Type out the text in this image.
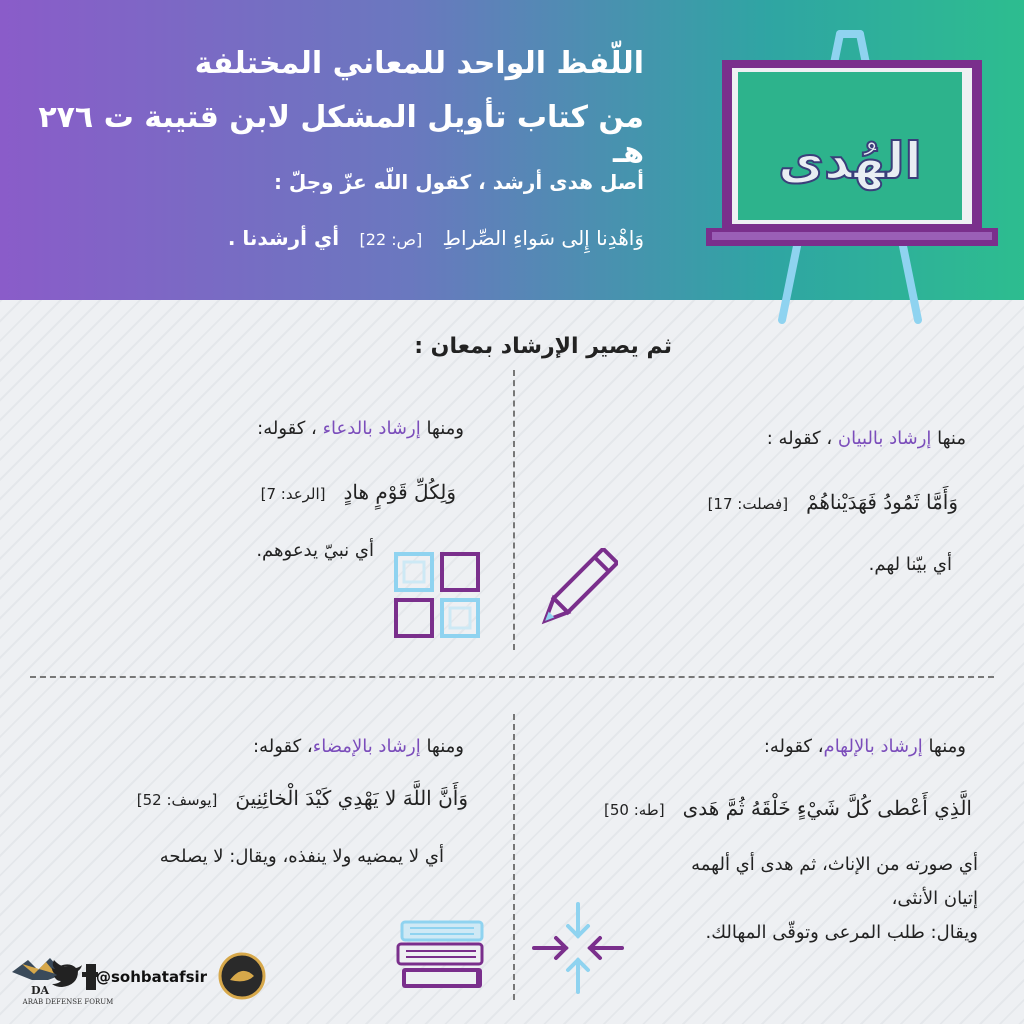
اللّفظ الواحد للمعاني المختلفة
من كتاب تأويل المشكل لابن قتيبة ت ٢٧٦ هـ
أصل هدى أرشد ، كقول اللّه عزّ وجلّ :
وَاهْدِنا إِلى سَواءِ الصِّراطِ [ص: 22] أي أرشدنا .
الهُدى
ثم يصير الإرشاد بمعان :
منها إرشاد بالبيان ، كقوله :
وَأَمَّا ثَمُودُ فَهَدَيْناهُمْ[فصلت: 17]
أي بيّنا لهم.
ومنها إرشاد بالدعاء ، كقوله:
وَلِكُلِّ قَوْمٍ هادٍ[الرعد: 7]
أي نبيّ يدعوهم.
ومنها إرشاد بالإلهام، كقوله:
الَّذِي أَعْطى كُلَّ شَيْءٍ خَلْقَهُ ثُمَّ هَدى[طه: 50]
أي صورته من الإناث، ثم هدى أي ألهمه
إتيان الأنثى،
ويقال: طلب المرعى وتوقّى المهالك.
ومنها إرشاد بالإمضاء، كقوله:
وَأَنَّ اللَّهَ لا يَهْدِي كَيْدَ الْخائِنِينَ[يوسف: 52]
أي لا يمضيه ولا ينفذه، ويقال: لا يصلحه
DA
ARAB DEFENSE FORUM
@sohbatafsir
